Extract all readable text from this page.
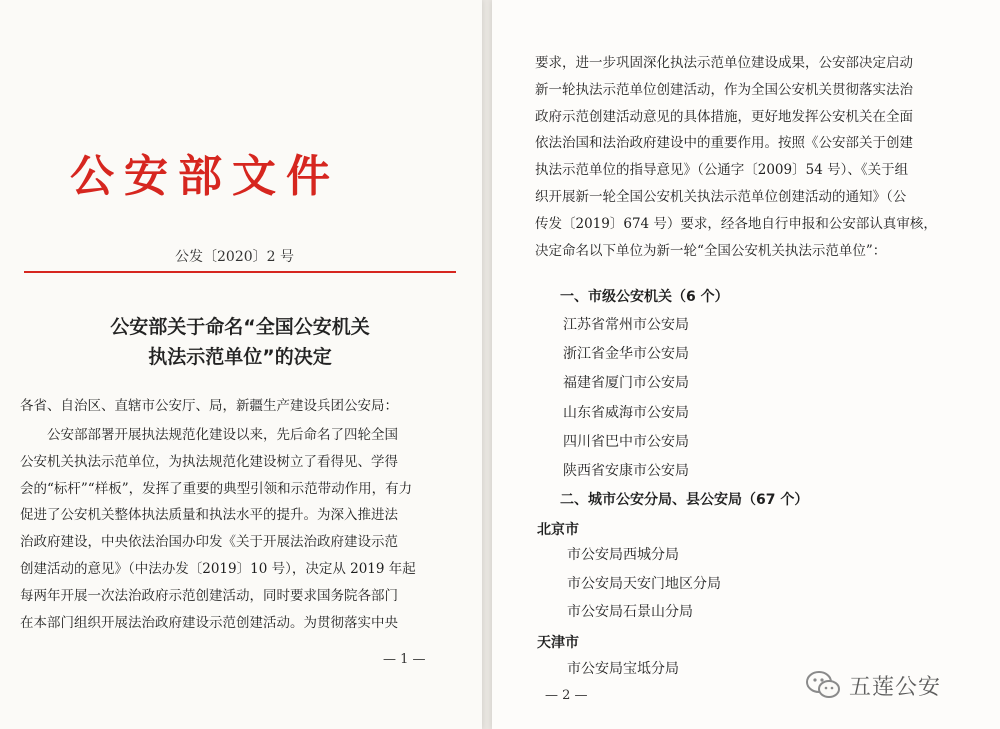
公安部文件
公发〔2020〕2 号
公安部关于命名“全国公安机关
执法示范单位”的决定
各省、自治区、直辖市公安厅、局，新疆生产建设兵团公安局：
　　公安部部署开展执法规范化建设以来，先后命名了四轮全国
公安机关执法示范单位，为执法规范化建设树立了看得见、学得
会的“标杆”“样板”，发挥了重要的典型引领和示范带动作用，有力
促进了公安机关整体执法质量和执法水平的提升。为深入推进法
治政府建设，中央依法治国办印发《关于开展法治政府建设示范
创建活动的意见》（中法办发〔2019〕10 号），决定从 2019 年起
每两年开展一次法治政府示范创建活动，同时要求国务院各部门
在本部门组织开展法治政府建设示范创建活动。为贯彻落实中央
— 1 —
要求，进一步巩固深化执法示范单位建设成果，公安部决定启动
新一轮执法示范单位创建活动，作为全国公安机关贯彻落实法治
政府示范创建活动意见的具体措施，更好地发挥公安机关在全面
依法治国和法治政府建设中的重要作用。按照《公安部关于创建
执法示范单位的指导意见》（公通字〔2009〕54 号）、《关于组
织开展新一轮全国公安机关执法示范单位创建活动的通知》（公
传发〔2019〕674 号）要求，经各地自行申报和公安部认真审核，
决定命名以下单位为新一轮“全国公安机关执法示范单位”：
一、市级公安机关（6 个）
江苏省常州市公安局
浙江省金华市公安局
福建省厦门市公安局
山东省威海市公安局
四川省巴中市公安局
陕西省安康市公安局
二、城市公安分局、县公安局（67 个）
北京市
市公安局西城分局
市公安局天安门地区分局
市公安局石景山分局
天津市
市公安局宝坻分局
— 2 —	五莲公安
